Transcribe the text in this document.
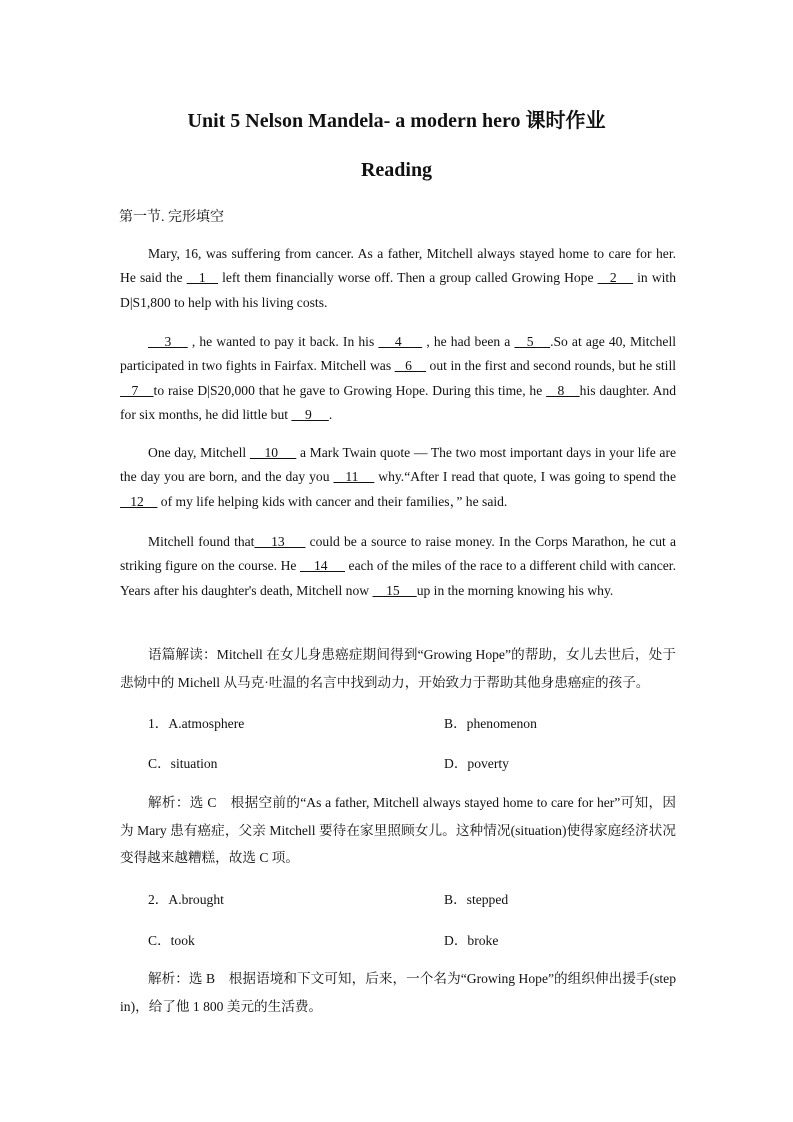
Unit 5 Nelson Mandela- a modern hero 课时作业

Reading

第一节. 完形填空

Mary, 16, was suffering from cancer. As a father, Mitchell always stayed home to care for her. He said the    1    left them financially worse off. Then a group called Growing Hope    2     in with D|S1,800 to help with his living costs.

3     , he wanted to pay it back. In his     4      , he had been a    5    .So at age 40, Mitchell participated in two fights in Fairfax. Mitchell was    6     out in the first and second rounds, but he still    7    to raise D|S20,000 that he gave to Growing Hope. During this time, he    8    his daughter. And for six months, he did little but     9     .

One day, Mitchell     10      a Mark Twain quote — The two most important days in your life are the day you are born, and the day you    11     why.“After I read that quote, I was going to spend the    12     of my life helping kids with cancer and their families，” he said.

Mitchell found that    13      could be a source to raise money. In the Corps Marathon, he cut a striking figure on the course. He     14      each of the miles of the race to a different child with cancer. Years after his daughter's death, Mitchell now     15     up in the morning knowing his why.

语篇解读：Mitchell 在女儿身患癌症期间得到“Growing Hope”的帮助，女儿去世后，处于悲恸中的 Michell 从马克·吐温的名言中找到动力，开始致力于帮助其他身患癌症的孩子。

1．A.atmosphere	B．phenomenon

C．situation	D．poverty

解析：选 C　根据空前的“As a father, Mitchell always stayed home to care for her”可知，因为 Mary 患有癌症，父亲 Mitchell 要待在家里照顾女儿。这种情况(situation)使得家庭经济状况变得越来越糟糕，故选 C 项。

2．A.brought	B．stepped

C．took	D．broke

解析：选 B　根据语境和下文可知，后来，一个名为“Growing Hope”的组织伸出援手(step in)，给了他 1 800 美元的生活费。
